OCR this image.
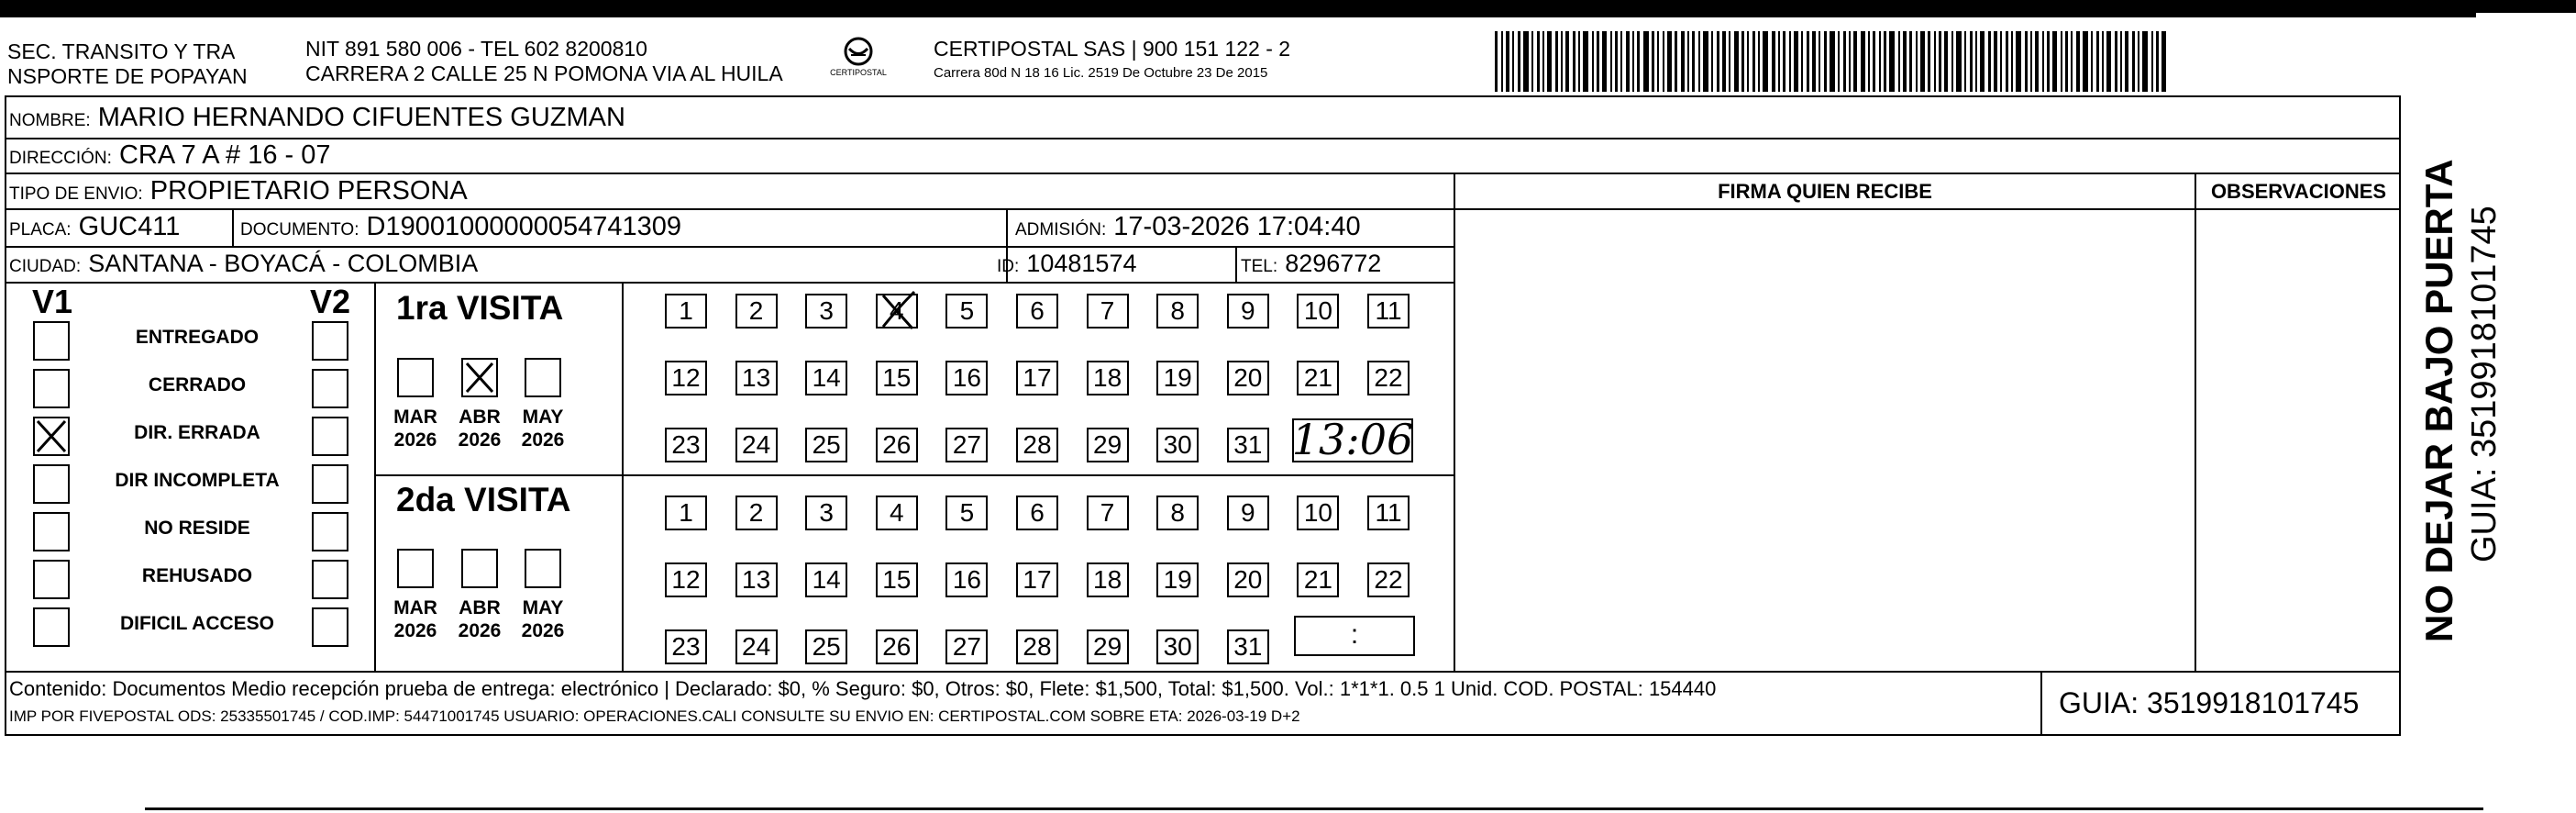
SEC. TRANSITO Y TRA
NSPORTE DE POPAYAN
NIT 891 580 006 - TEL 602 8200810
CARRERA 2 CALLE 25 N POMONA VIA AL HUILA	CERTIPOSTAL
CERTIPOSTAL SAS | 900 151 122 - 2
Carrera 80d N 18 16 Lic. 2519 De Octubre 23 De 2015
NOMBRE: MARIO HERNANDO CIFUENTES GUZMAN
DIRECCIÓN: CRA 7 A # 16 - 07
TIPO DE ENVIO: PROPIETARIO PERSONA	FIRMA QUIEN RECIBE	OBSERVACIONES
PLACA: GUC411	DOCUMENTO: D19001000000054741309	ADMISIÓN: 17-03-2026 17:04:40
CIUDAD: SANTANA - BOYACÁ - COLOMBIA	ID: 10481574	TEL: 8296772
V1	V2
ENTREGADO
CERRADO
DIR. ERRADA
DIR INCOMPLETA
NO RESIDE
REHUSADO
DIFICIL ACCESO
1ra VISITA
MAR
2026
ABR
2026
MAY
2026
1	2	3	4	5	6	7	8	9	10	11
12 13 14 15 16 17 18 19 20 21 22
23 24 25 26 27 28 29 30 31 13:06
2da VISITA
MAR
2026
ABR
2026
MAY
2026
1	2	3	4	5	6	7	8	9	10	11
12 13 14 15 16 17 18 19 20 21 22
23 24 25 26 27 28 29 30 31	:
Contenido: Documentos Medio recepción prueba de entrega: electrónico | Declarado: $0, % Seguro: $0, Otros: $0, Flete: $1,500, Total: $1,500. Vol.: 1*1*1. 0.5 1 Unid. COD. POSTAL: 154440
IMP POR FIVEPOSTAL ODS: 25335501745 / COD.IMP: 54471001745 USUARIO: OPERACIONES.CALI CONSULTE SU ENVIO EN: CERTIPOSTAL.COM SOBRE ETA: 2026-03-19 D+2	GUIA: 3519918101745
NO DEJAR BAJO PUERTA GUIA: 3519918101745
